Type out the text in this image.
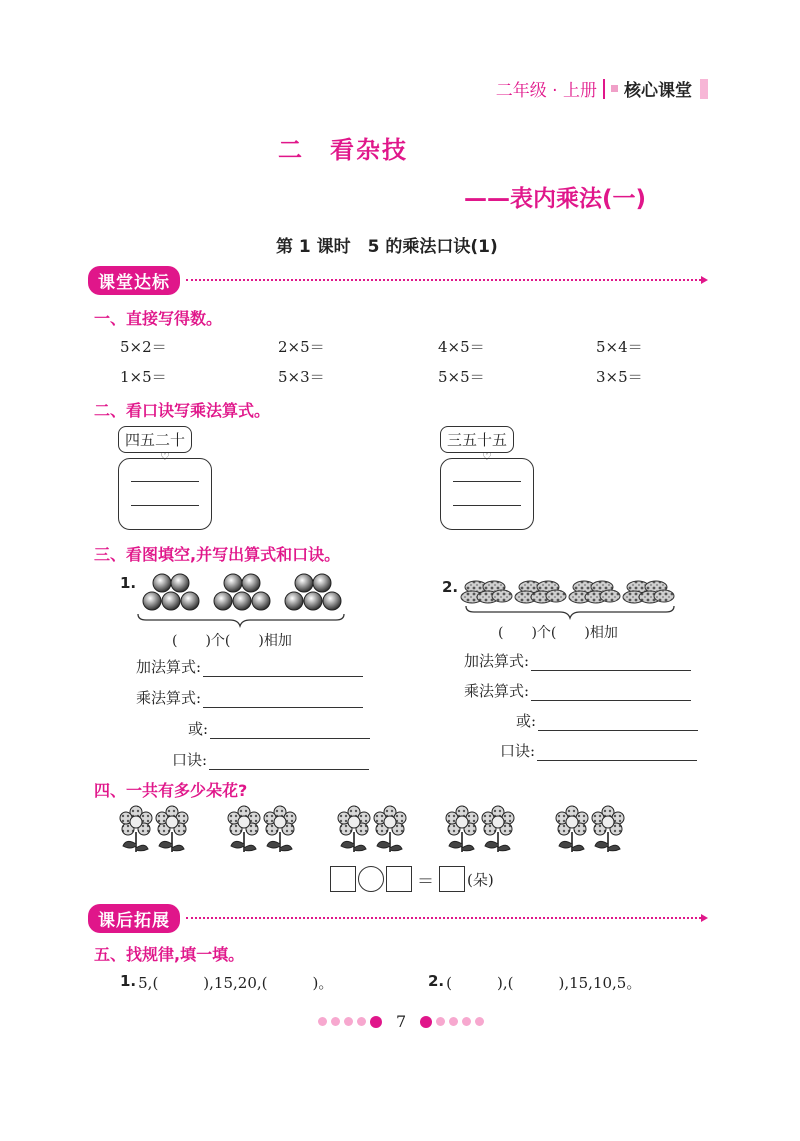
二年级 · 上册 核心课堂
二　看杂技
——表内乘法(一)
第 1 课时　5 的乘法口诀(1)
课堂达标
一、直接写得数。
5×2＝	2×5＝	4×5＝	5×4＝
1×5＝	5×3＝	5×5＝	3×5＝
二、看口诀写乘法算式。
四五二十
♡
三五十五
♡
三、看图填空,并写出算式和口诀。
1.
(　　)个(　　)相加
加法算式:
乘法算式:
或:
口诀:
2.
(　　)个(　　)相加
加法算式:
乘法算式:
或:
口诀:
四、一共有多少朵花?
＝ (朵)
课后拓展
五、找规律,填一填。
1. 5,(　　　),15,20,(　　　)。	2. (　　　),(　　　),15,10,5。
7
